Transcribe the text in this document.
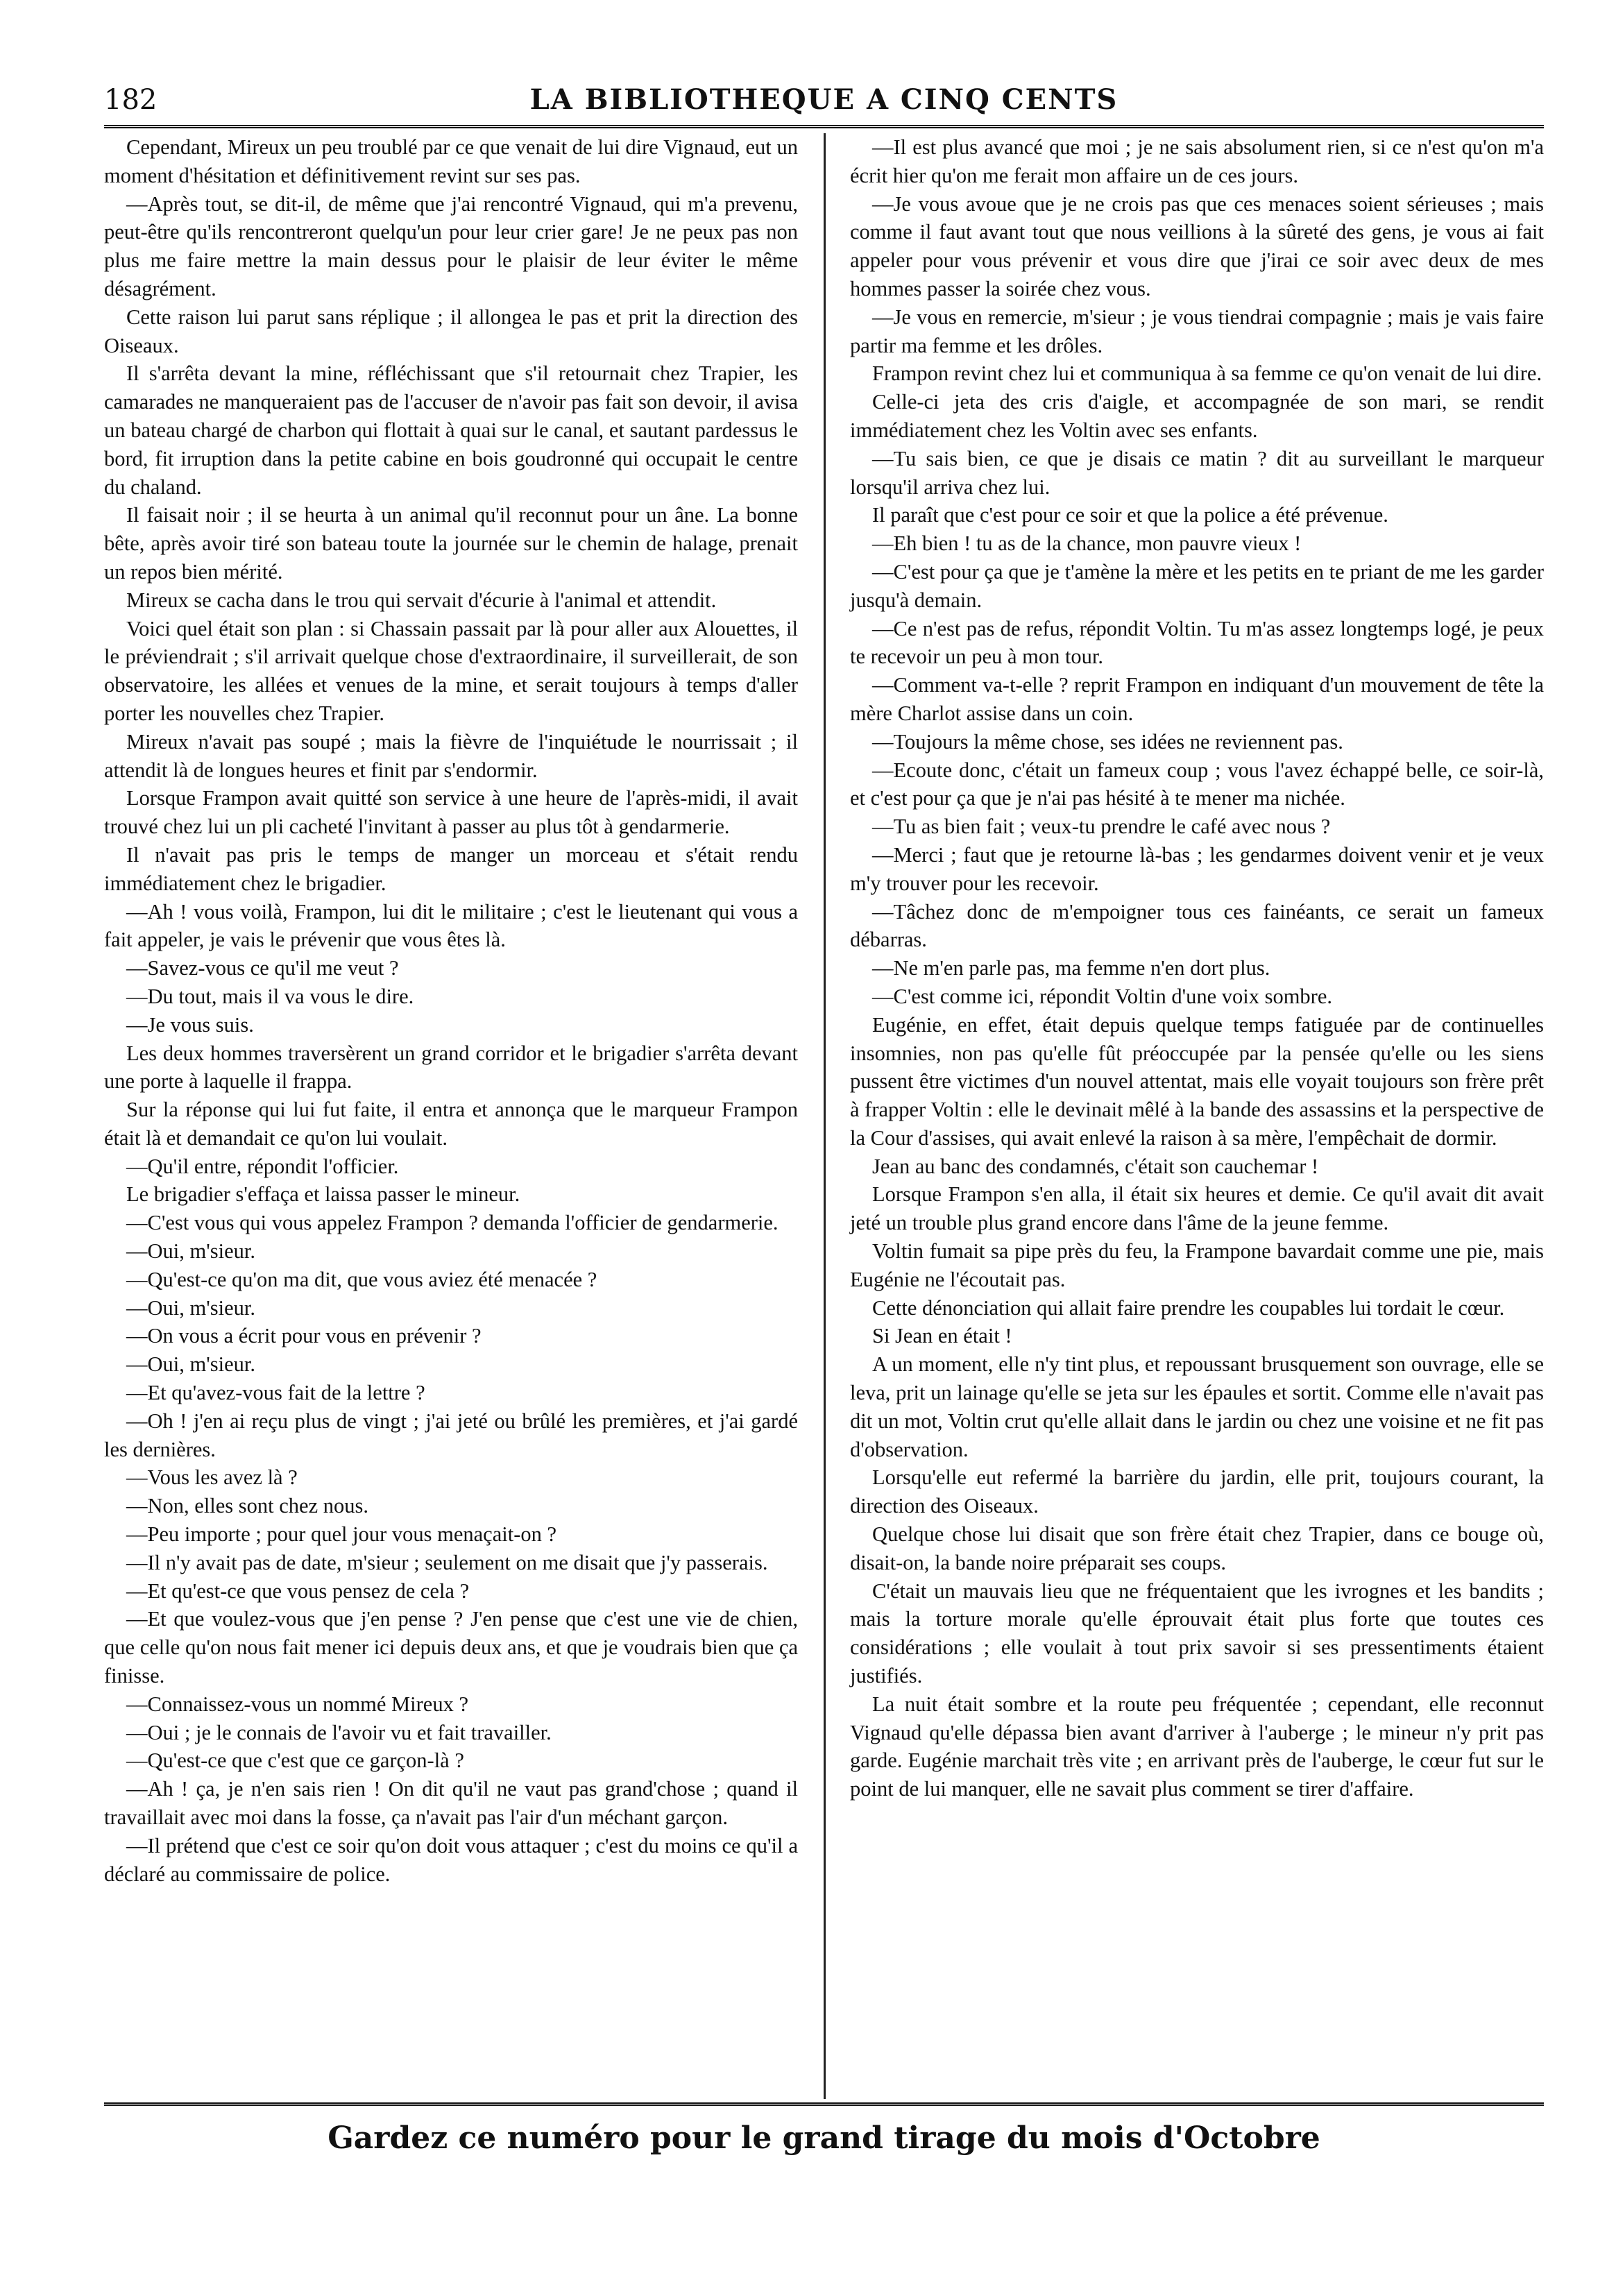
182	LA BIBLIOTHEQUE A CINQ CENTS

Cependant, Mireux un peu troublé par ce que venait de lui dire Vignaud, eut un moment d'hésitation et définitivement revint sur ses pas.

—Après tout, se dit-il, de même que j'ai rencontré Vignaud, qui m'a prevenu, peut-être qu'ils rencontreront quelqu'un pour leur crier gare! Je ne peux pas non plus me faire mettre la main dessus pour le plaisir de leur éviter le même désagrément.

Cette raison lui parut sans réplique ; il allongea le pas et prit la direction des Oiseaux.

Il s'arrêta devant la mine, réfléchissant que s'il retournait chez Trapier, les camarades ne manqueraient pas de l'accuser de n'avoir pas fait son devoir, il avisa un bateau chargé de charbon qui flottait à quai sur le canal, et sautant pardessus le bord, fit irruption dans la petite cabine en bois goudronné qui occupait le centre du chaland.

Il faisait noir ; il se heurta à un animal qu'il reconnut pour un âne. La bonne bête, après avoir tiré son bateau toute la journée sur le chemin de halage, prenait un repos bien mérité.

Mireux se cacha dans le trou qui servait d'écurie à l'animal et attendit.

Voici quel était son plan : si Chassain passait par là pour aller aux Alouettes, il le préviendrait ; s'il arrivait quelque chose d'extraordinaire, il surveillerait, de son observatoire, les allées et venues de la mine, et serait toujours à temps d'aller porter les nouvelles chez Trapier.

Mireux n'avait pas soupé ; mais la fièvre de l'inquiétude le nourrissait ; il attendit là de longues heures et finit par s'endormir.

Lorsque Frampon avait quitté son service à une heure de l'après-midi, il avait trouvé chez lui un pli cacheté l'invitant à passer au plus tôt à gendarmerie.

Il n'avait pas pris le temps de manger un morceau et s'était rendu immédiatement chez le brigadier.

—Ah ! vous voilà, Frampon, lui dit le militaire ; c'est le lieutenant qui vous a fait appeler, je vais le prévenir que vous êtes là.

—Savez-vous ce qu'il me veut ?

—Du tout, mais il va vous le dire.

—Je vous suis.

Les deux hommes traversèrent un grand corridor et le brigadier s'arrêta devant une porte à laquelle il frappa.

Sur la réponse qui lui fut faite, il entra et annonça que le marqueur Frampon était là et demandait ce qu'on lui voulait.

—Qu'il entre, répondit l'officier.

Le brigadier s'effaça et laissa passer le mineur.

—C'est vous qui vous appelez Frampon ? demanda l'officier de gendarmerie.

—Oui, m'sieur.

—Qu'est-ce qu'on ma dit, que vous aviez été menacée ?

—Oui, m'sieur.

—On vous a écrit pour vous en prévenir ?

—Oui, m'sieur.

—Et qu'avez-vous fait de la lettre ?

—Oh ! j'en ai reçu plus de vingt ; j'ai jeté ou brûlé les premières, et j'ai gardé les dernières.

—Vous les avez là ?

—Non, elles sont chez nous.

—Peu importe ; pour quel jour vous menaçait-on ?

—Il n'y avait pas de date, m'sieur ; seulement on me disait que j'y passerais.

—Et qu'est-ce que vous pensez de cela ?

—Et que voulez-vous que j'en pense ? J'en pense que c'est une vie de chien, que celle qu'on nous fait mener ici depuis deux ans, et que je voudrais bien que ça finisse.

—Connaissez-vous un nommé Mireux ?

—Oui ; je le connais de l'avoir vu et fait travailler.

—Qu'est-ce que c'est que ce garçon-là ?

—Ah ! ça, je n'en sais rien ! On dit qu'il ne vaut pas grand'chose ; quand il travaillait avec moi dans la fosse, ça n'avait pas l'air d'un méchant garçon.

—Il prétend que c'est ce soir qu'on doit vous attaquer ; c'est du moins ce qu'il a déclaré au commissaire de police.

—Il est plus avancé que moi ; je ne sais absolument rien, si ce n'est qu'on m'a écrit hier qu'on me ferait mon affaire un de ces jours.

—Je vous avoue que je ne crois pas que ces menaces soient sérieuses ; mais comme il faut avant tout que nous veillions à la sûreté des gens, je vous ai fait appeler pour vous prévenir et vous dire que j'irai ce soir avec deux de mes hommes passer la soirée chez vous.

—Je vous en remercie, m'sieur ; je vous tiendrai compagnie ; mais je vais faire partir ma femme et les drôles.

Frampon revint chez lui et communiqua à sa femme ce qu'on venait de lui dire.

Celle-ci jeta des cris d'aigle, et accompagnée de son mari, se rendit immédiatement chez les Voltin avec ses enfants.

—Tu sais bien, ce que je disais ce matin ? dit au surveillant le marqueur lorsqu'il arriva chez lui.

Il paraît que c'est pour ce soir et que la police a été prévenue.

—Eh bien ! tu as de la chance, mon pauvre vieux !

—C'est pour ça que je t'amène la mère et les petits en te priant de me les garder jusqu'à demain.

—Ce n'est pas de refus, répondit Voltin. Tu m'as assez longtemps logé, je peux te recevoir un peu à mon tour.

—Comment va-t-elle ? reprit Frampon en indiquant d'un mouvement de tête la mère Charlot assise dans un coin.

—Toujours la même chose, ses idées ne reviennent pas.

—Ecoute donc, c'était un fameux coup ; vous l'avez échappé belle, ce soir-là, et c'est pour ça que je n'ai pas hésité à te mener ma nichée.

—Tu as bien fait ; veux-tu prendre le café avec nous ?

—Merci ; faut que je retourne là-bas ; les gendarmes doivent venir et je veux m'y trouver pour les recevoir.

—Tâchez donc de m'empoigner tous ces fainéants, ce serait un fameux débarras.

—Ne m'en parle pas, ma femme n'en dort plus.

—C'est comme ici, répondit Voltin d'une voix sombre.

Eugénie, en effet, était depuis quelque temps fatiguée par de continuelles insomnies, non pas qu'elle fût préoccupée par la pensée qu'elle ou les siens pussent être victimes d'un nouvel attentat, mais elle voyait toujours son frère prêt à frapper Voltin : elle le devinait mêlé à la bande des assassins et la perspective de la Cour d'assises, qui avait enlevé la raison à sa mère, l'empêchait de dormir.

Jean au banc des condamnés, c'était son cauchemar !

Lorsque Frampon s'en alla, il était six heures et demie. Ce qu'il avait dit avait jeté un trouble plus grand encore dans l'âme de la jeune femme.

Voltin fumait sa pipe près du feu, la Frampone bavardait comme une pie, mais Eugénie ne l'écoutait pas.

Cette dénonciation qui allait faire prendre les coupables lui tordait le cœur.

Si Jean en était !

A un moment, elle n'y tint plus, et repoussant brusquement son ouvrage, elle se leva, prit un lainage qu'elle se jeta sur les épaules et sortit. Comme elle n'avait pas dit un mot, Voltin crut qu'elle allait dans le jardin ou chez une voisine et ne fit pas d'observation.

Lorsqu'elle eut refermé la barrière du jardin, elle prit, toujours courant, la direction des Oiseaux.

Quelque chose lui disait que son frère était chez Trapier, dans ce bouge où, disait-on, la bande noire préparait ses coups.

C'était un mauvais lieu que ne fréquentaient que les ivrognes et les bandits ; mais la torture morale qu'elle éprouvait était plus forte que toutes ces considérations ; elle voulait à tout prix savoir si ses pressentiments étaient justifiés.

La nuit était sombre et la route peu fréquentée ; cependant, elle reconnut Vignaud qu'elle dépassa bien avant d'arriver à l'auberge ; le mineur n'y prit pas garde. Eugénie marchait très vite ; en arrivant près de l'auberge, le cœur fut sur le point de lui manquer, elle ne savait plus comment se tirer d'affaire.

Gardez ce numéro pour le grand tirage du mois d'Octobre
